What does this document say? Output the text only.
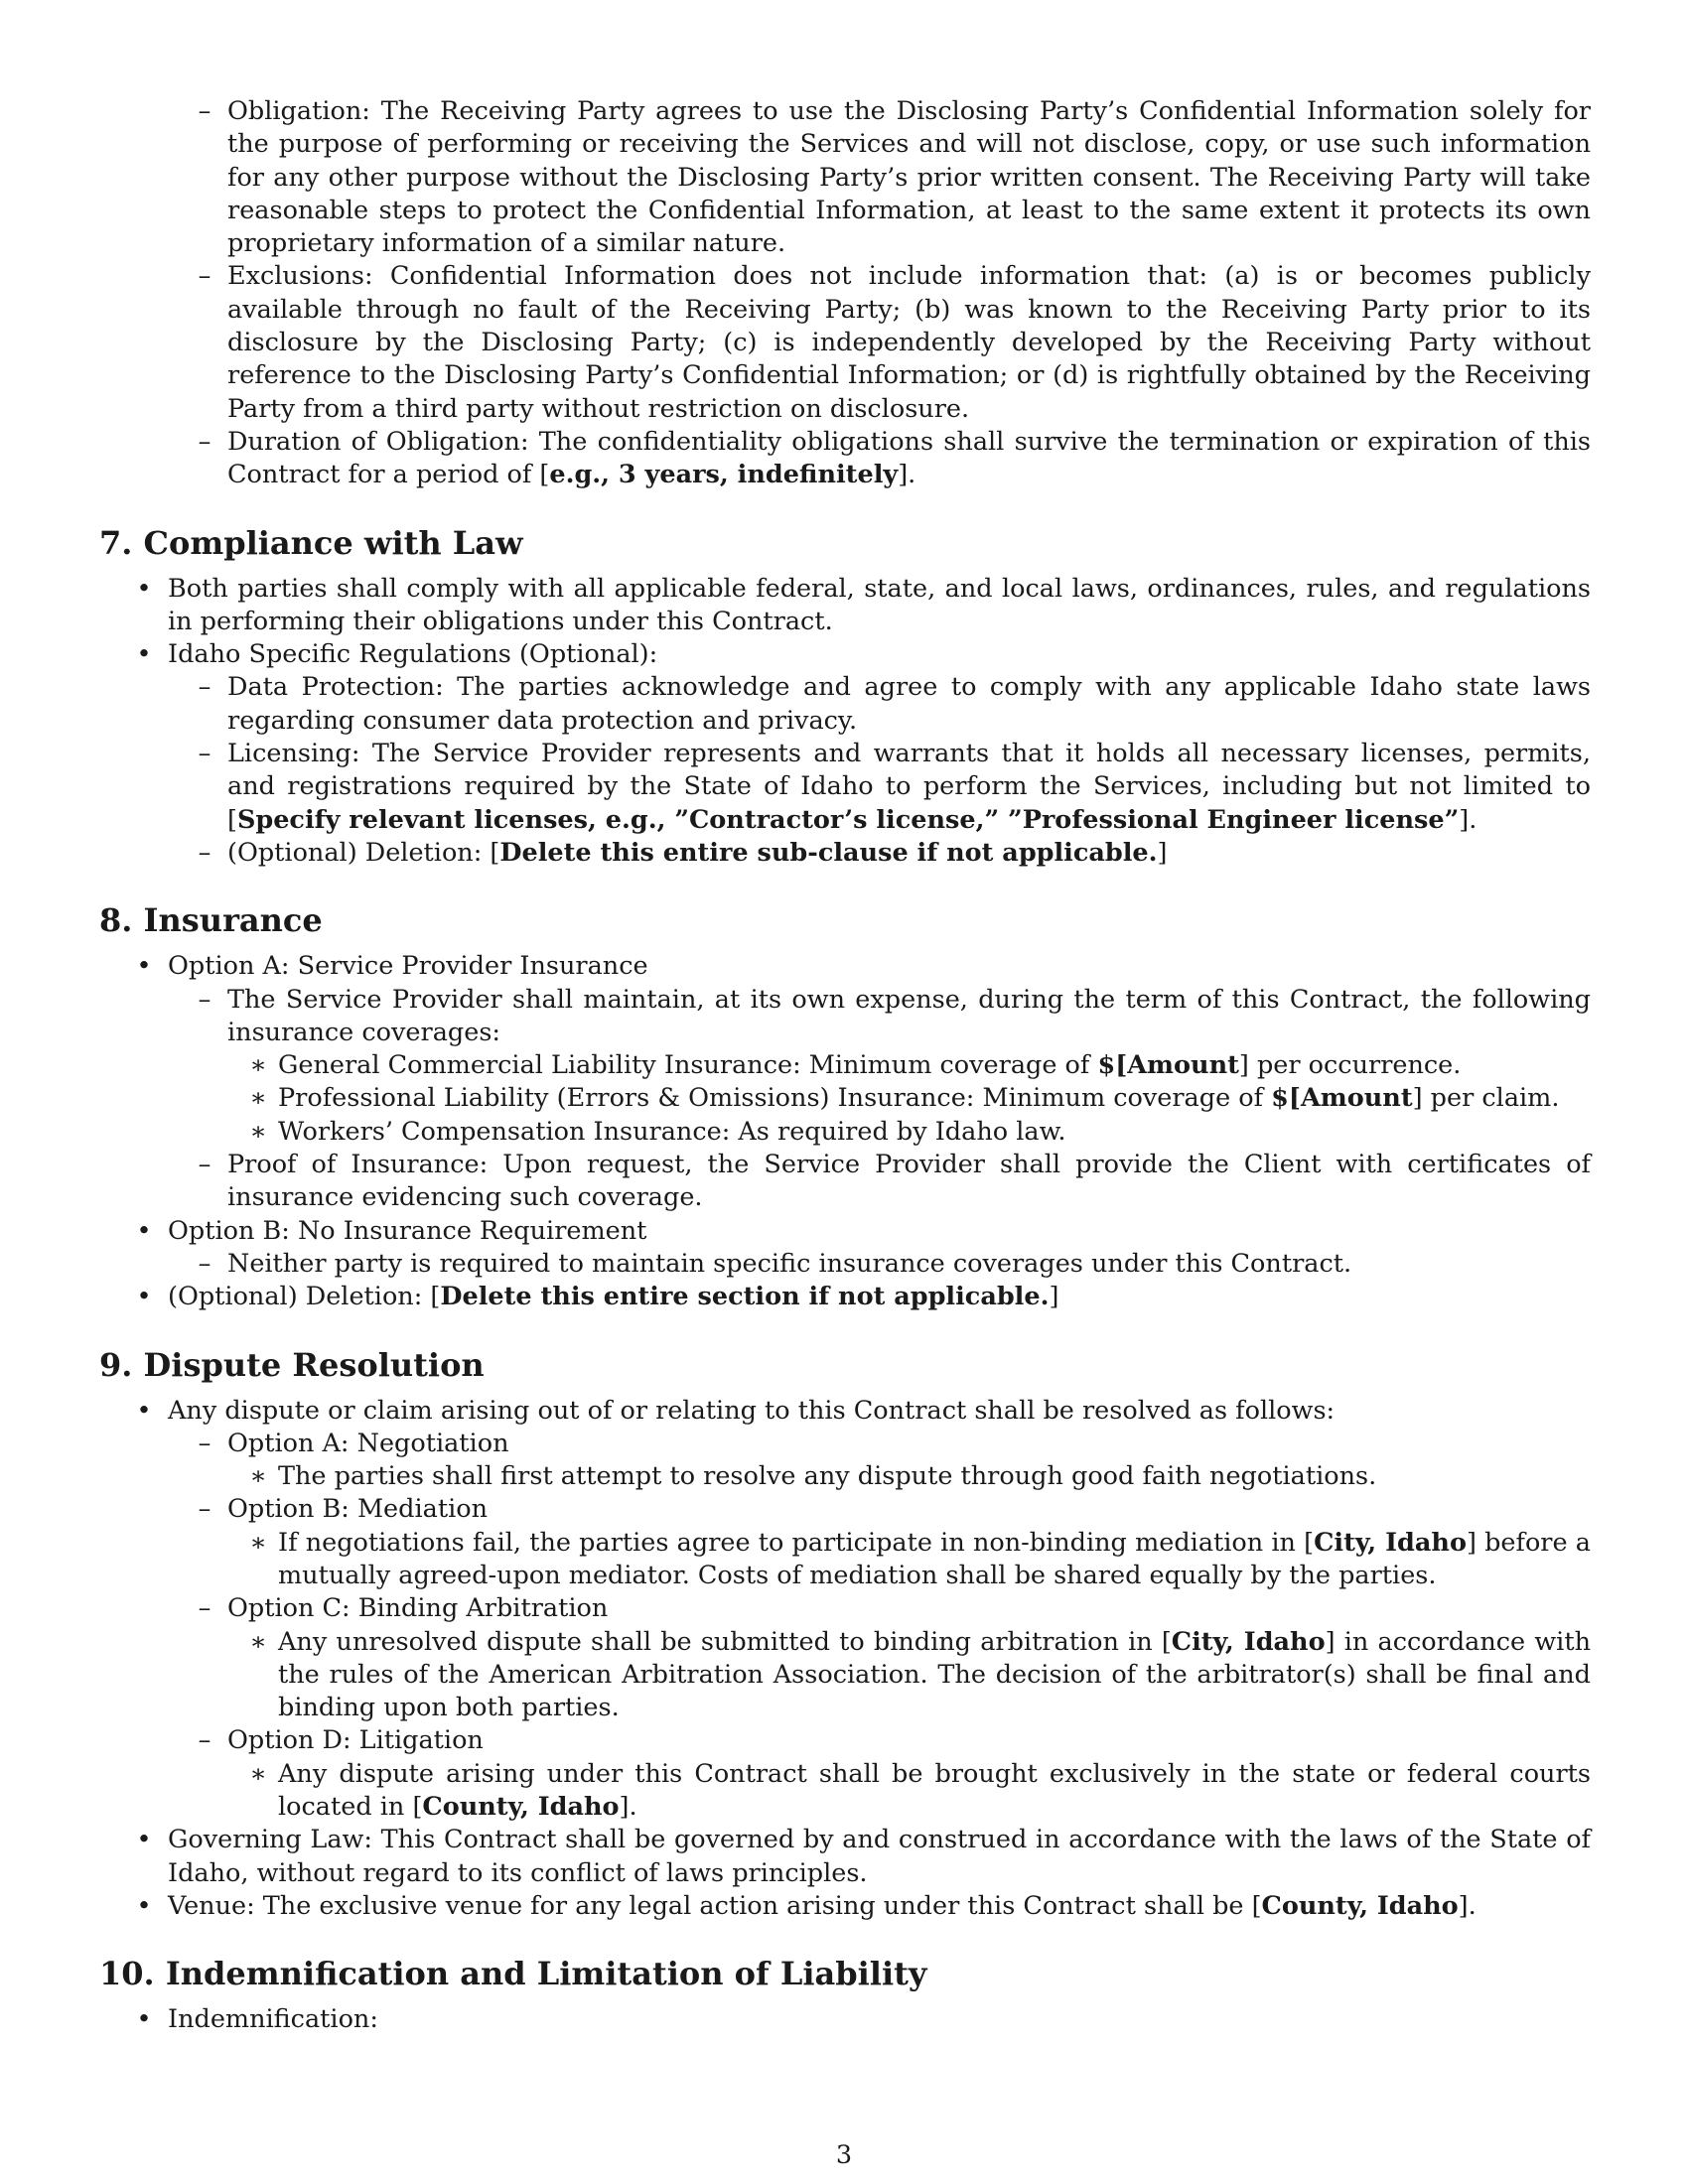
– Obligation: The Receiving Party agrees to use the Disclosing Party’s Confidential Information solely for the purpose of performing or receiving the Services and will not disclose, copy, or use such information for any other purpose without the Disclosing Party’s prior written consent. The Receiving Party will take reasonable steps to protect the Confidential Information, at least to the same extent it protects its own proprietary information of a similar nature.
– Exclusions: Confidential Information does not include information that: (a) is or becomes publicly available through no fault of the Receiving Party; (b) was known to the Receiving Party prior to its disclosure by the Disclosing Party; (c) is independently developed by the Receiving Party without reference to the Disclosing Party’s Confidential Information; or (d) is rightfully obtained by the Receiving Party from a third party without restriction on disclosure.
– Duration of Obligation: The confidentiality obligations shall survive the termination or expiration of this Contract for a period of [e.g., 3 years, indefinitely].
7. Compliance with Law
• Both parties shall comply with all applicable federal, state, and local laws, ordinances, rules, and regulations in performing their obligations under this Contract.
• Idaho Specific Regulations (Optional):
– Data Protection: The parties acknowledge and agree to comply with any applicable Idaho state laws regarding consumer data protection and privacy.
– Licensing: The Service Provider represents and warrants that it holds all necessary licenses, permits, and registrations required by the State of Idaho to perform the Services, including but not limited to [Specify relevant licenses, e.g., ”Contractor’s license,” ”Professional Engineer license”].
– (Optional) Deletion: [Delete this entire sub-clause if not applicable.]
8. Insurance
• Option A: Service Provider Insurance
– The Service Provider shall maintain, at its own expense, during the term of this Contract, the following insurance coverages:
∗ General Commercial Liability Insurance: Minimum coverage of $[Amount] per occurrence.
∗ Professional Liability (Errors & Omissions) Insurance: Minimum coverage of $[Amount] per claim.
∗ Workers’ Compensation Insurance: As required by Idaho law.
– Proof of Insurance: Upon request, the Service Provider shall provide the Client with certificates of insurance evidencing such coverage.
• Option B: No Insurance Requirement
– Neither party is required to maintain specific insurance coverages under this Contract.
• (Optional) Deletion: [Delete this entire section if not applicable.]
9. Dispute Resolution
• Any dispute or claim arising out of or relating to this Contract shall be resolved as follows:
– Option A: Negotiation
∗ The parties shall first attempt to resolve any dispute through good faith negotiations.
– Option B: Mediation
∗ If negotiations fail, the parties agree to participate in non-binding mediation in [City, Idaho] before a mutually agreed-upon mediator. Costs of mediation shall be shared equally by the parties.
– Option C: Binding Arbitration
∗ Any unresolved dispute shall be submitted to binding arbitration in [City, Idaho] in accordance with the rules of the American Arbitration Association. The decision of the arbitrator(s) shall be final and binding upon both parties.
– Option D: Litigation
∗ Any dispute arising under this Contract shall be brought exclusively in the state or federal courts located in [County, Idaho].
• Governing Law: This Contract shall be governed by and construed in accordance with the laws of the State of Idaho, without regard to its conflict of laws principles.
• Venue: The exclusive venue for any legal action arising under this Contract shall be [County, Idaho].
10. Indemnification and Limitation of Liability
• Indemnification:
3
